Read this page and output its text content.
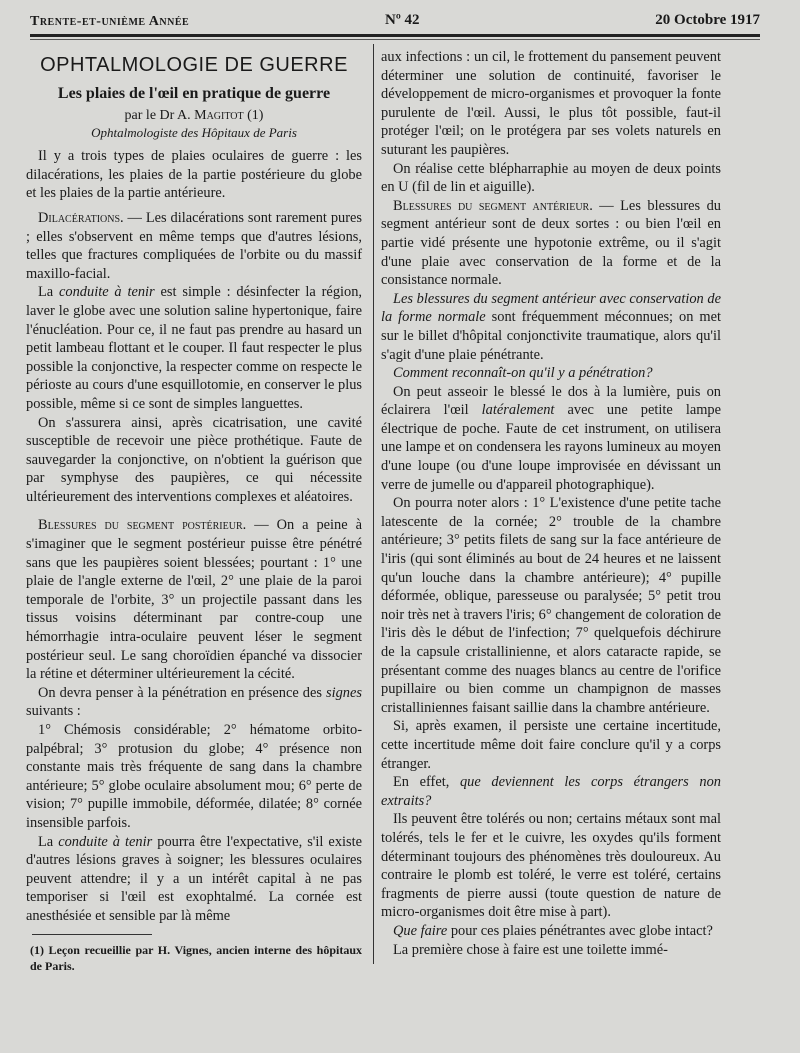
Trente-et-unième Année	Nº 42	20 Octobre 1917
OPHTALMOLOGIE DE GUERRE
Les plaies de l'œil en pratique de guerre
par le Dr A. Magitot (1)
Ophtalmologiste des Hôpitaux de Paris

Il y a trois types de plaies oculaires de guerre : les dilacérations, les plaies de la partie postérieure du globe et les plaies de la partie antérieure.

Dilacérations. — Les dilacérations sont rarement pures ; elles s'observent en même temps que d'autres lésions, telles que fractures compliquées de l'orbite ou du massif maxillo-facial.

La conduite à tenir est simple : désinfecter la région, laver le globe avec une solution saline hypertonique, faire l'énucléation. Pour ce, il ne faut pas prendre au hasard un petit lambeau flottant et le couper. Il faut respecter le plus possible la conjonctive, la respecter comme on respecte le périoste au cours d'une esquillotomie, en conserver le plus possible, même si ce sont de simples languettes.

On s'assurera ainsi, après cicatrisation, une cavité susceptible de recevoir une pièce prothétique. Faute de sauvegarder la conjonctive, on n'obtient la guérison que par symphyse des paupières, ce qui nécessite ultérieurement des interventions complexes et aléatoires.

Blessures du segment postérieur. — On a peine à s'imaginer que le segment postérieur puisse être pénétré sans que les paupières soient blessées; pourtant : 1° une plaie de l'angle externe de l'œil, 2° une plaie de la paroi temporale de l'orbite, 3° un projectile passant dans les tissus voisins déterminant par contre-coup une hémorrhagie intra-oculaire peuvent léser le segment postérieur seul. Le sang choroïdien épanché va dissocier la rétine et déterminer ultérieurement la cécité.

On devra penser à la pénétration en présence des signes suivants :

1° Chémosis considérable; 2° hématome orbito-palpébral; 3° protusion du globe; 4° présence non constante mais très fréquente de sang dans la chambre antérieure; 5° globe oculaire absolument mou; 6° perte de vision; 7° pupille immobile, déformée, dilatée; 8° cornée insensible parfois.

La conduite à tenir pourra être l'expectative, s'il existe d'autres lésions graves à soigner; les blessures oculaires peuvent attendre; il y a un intérêt capital à ne pas temporiser si l'œil est exophtalmé. La cornée est anesthésiée et sensible par là même

(1) Leçon recueillie par H. Vignes, ancien interne des hôpitaux de Paris.

aux infections : un cil, le frottement du pansement peuvent déterminer une solution de continuité, favoriser le développement de micro-organismes et provoquer la fonte purulente de l'œil. Aussi, le plus tôt possible, faut-il protéger l'œil; on le protégera par ses volets naturels en suturant les paupières.

On réalise cette blépharraphie au moyen de deux points en U (fil de lin et aiguille).

Blessures du segment antérieur. — Les blessures du segment antérieur sont de deux sortes : ou bien l'œil en partie vidé présente une hypotonie extrême, ou il s'agit d'une plaie avec conservation de la forme et de la consistance normale.

Les blessures du segment antérieur avec conservation de la forme normale sont fréquemment méconnues; on met sur le billet d'hôpital conjonctivite traumatique, alors qu'il s'agit d'une plaie pénétrante.

Comment reconnaît-on qu'il y a pénétration?

On peut asseoir le blessé le dos à la lumière, puis on éclairera l'œil latéralement avec une petite lampe électrique de poche. Faute de cet instrument, on utilisera une lampe et on condensera les rayons lumineux au moyen d'une loupe (ou d'une loupe improvisée en dévissant un verre de jumelle ou d'appareil photographique).

On pourra noter alors : 1° L'existence d'une petite tache latescente de la cornée; 2° trouble de la chambre antérieure; 3° petits filets de sang sur la face antérieure de l'iris (qui sont éliminés au bout de 24 heures et ne laissent qu'un louche dans la chambre antérieure); 4° pupille déformée, oblique, paresseuse ou paralysée; 5° petit trou noir très net à travers l'iris; 6° changement de coloration de l'iris dès le début de l'infection; 7° quelquefois déchirure de la capsule cristallinienne, et alors cataracte rapide, se présentant comme des nuages blancs au centre de l'orifice pupillaire ou bien comme un champignon de masses cristalliniennes faisant saillie dans la chambre antérieure.

Si, après examen, il persiste une certaine incertitude, cette incertitude même doit faire conclure qu'il y a corps étranger.

En effet, que deviennent les corps étrangers non extraits?

Ils peuvent être tolérés ou non; certains métaux sont mal tolérés, tels le fer et le cuivre, les oxydes qu'ils forment déterminant toujours des phénomènes très douloureux. Au contraire le plomb est toléré, le verre est toléré, certains fragments de pierre aussi (toute question de nature de micro-organismes doit être mise à part).

Que faire pour ces plaies pénétrantes avec globe intact?

La première chose à faire est une toilette immé-
